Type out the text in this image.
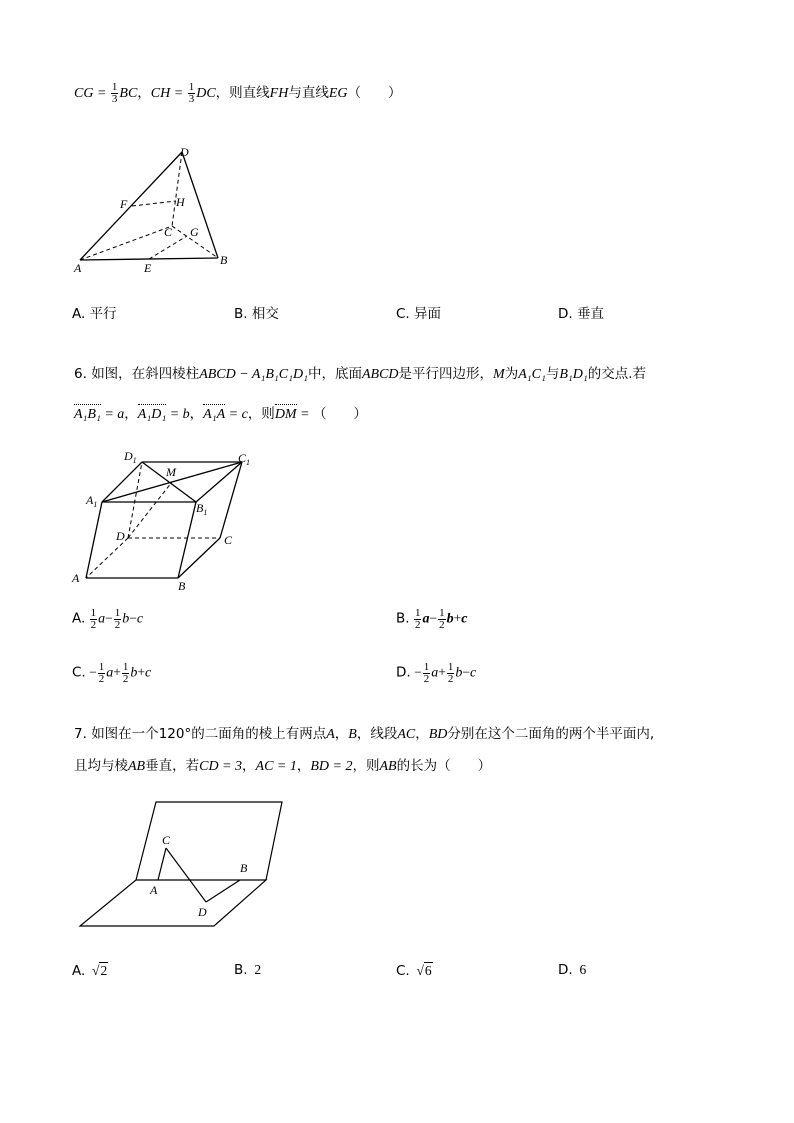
CG = $\frac{1}{3}$ BC，CH = $\frac{1}{3}$ DC，则直线FH与直线EG（　　）
D
F	H
C G
A	E
B
A. 平行	B. 相交	C. 异面	D. 垂直
6. 如图，在斜四棱柱ABCD − A₁B₁C₁D₁中，底面ABCD是平行四边形，M为A₁C₁与B₁D₁的交点.若
A₁B₁ = a，A₁D₁ = b，A₁A = c，则DM = （　　）
$D_1$
M
$C_1$
$A_1$	$B_1$
D	C
A
B
A. $\frac{1}{2} a- \frac{1}{2} b-c$	B. $\frac{1}{2} a- \frac{1}{2} b+c$
C. − $\frac{1}{2} a+ \frac{1}{2} b+c$	D. − $\frac{1}{2} a+ \frac{1}{2} b-c$
7. 如图在一个120°的二面角的棱上有两点A，B，线段AC，BD分别在这个二面角的两个半平面内,
且均与棱AB垂直，若CD = 3，AC = 1，BD = 2，则AB的长为（　　）
C
A
B
D
A.  √2	B. 2	C.  √6	D. 6
